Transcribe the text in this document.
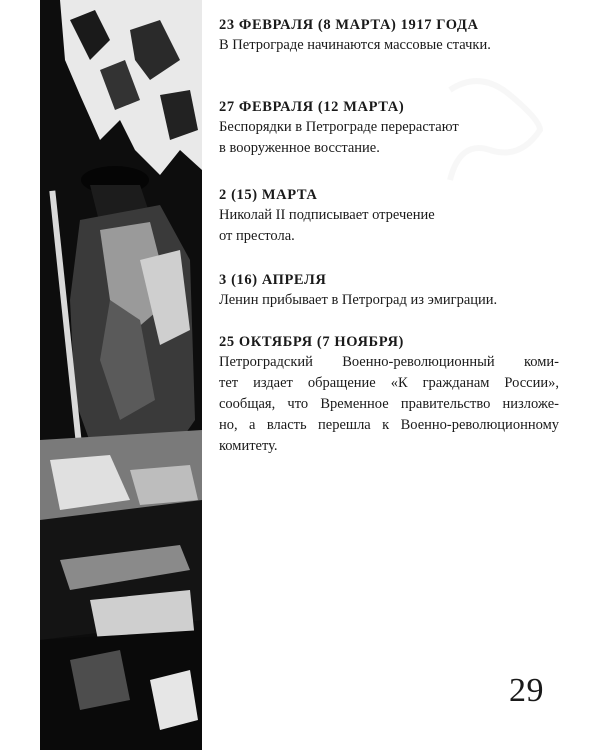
23 ФЕВРАЛЯ (8 МАРТА) 1917 ГОДА

В Петрограде начинаются массовые стачки.

27 ФЕВРАЛЯ (12 МАРТА)

Беспорядки в Петрограде перерастают
в вооруженное восстание.

2 (15) МАРТА

Николай II подписывает отречение
от престола.

3 (16) АПРЕЛЯ

Ленин прибывает в Петроград из эмиграции.

25 ОКТЯБРЯ (7 НОЯБРЯ)

Петроградский Военно-революционный коми-
тет издает обращение «К гражданам России»,
сообщая, что Временное правительство низложе-
но, а власть перешла к Военно-революционному
комитету.

29
